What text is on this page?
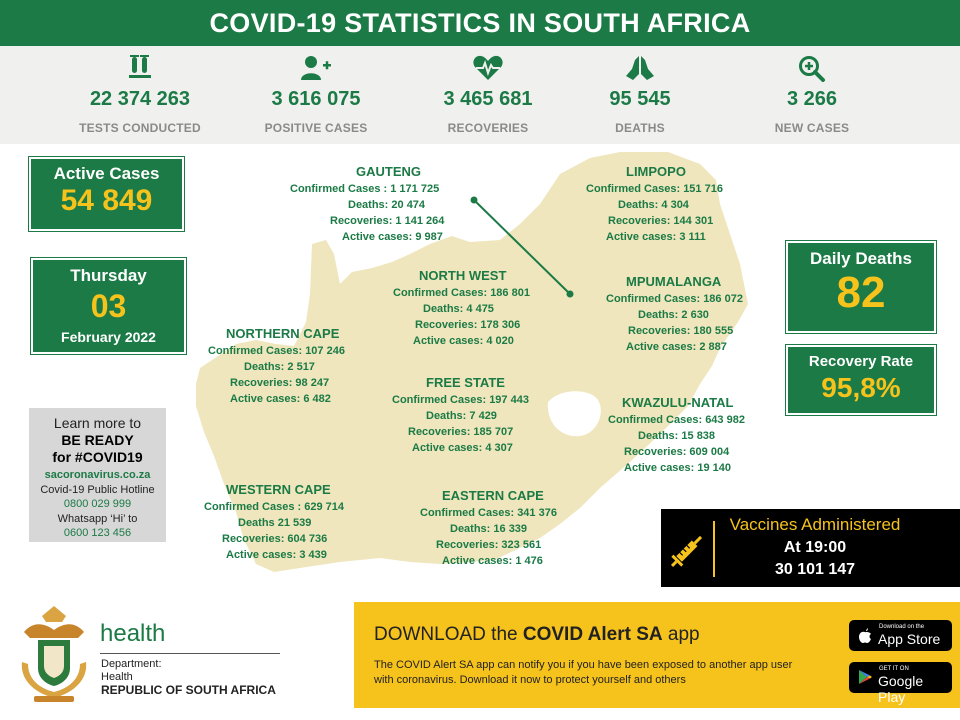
COVID-19 STATISTICS IN SOUTH AFRICA
22 374 263
TESTS CONDUCTED
3 616 075
POSITIVE CASES
3 465 681
RECOVERIES
95 545
DEATHS
3 266
NEW CASES
GAUTENG
Confirmed Cases : 1 171 725
Deaths: 20 474
Recoveries: 1 141 264
Active cases: 9 987
LIMPOPO
Confirmed Cases: 151 716
Deaths: 4 304
Recoveries: 144 301
Active cases: 3 111
NORTH WEST
Confirmed Cases: 186 801
Deaths: 4 475
Recoveries: 178 306
Active cases: 4 020
MPUMALANGA
Confirmed Cases: 186 072
Deaths: 2 630
Recoveries: 180 555
Active cases: 2 887
NORTHERN CAPE
Confirmed Cases: 107 246
Deaths: 2 517
Recoveries: 98 247
Active cases: 6 482
FREE STATE
Confirmed Cases: 197 443
Deaths: 7 429
Recoveries: 185 707
Active cases: 4 307
KWAZULU-NATAL
Confirmed Cases: 643 982
Deaths: 15 838
Recoveries: 609 004
Active cases: 19 140
WESTERN CAPE
Confirmed Cases : 629 714
Deaths 21 539
Recoveries: 604 736
Active cases: 3 439
EASTERN CAPE
Confirmed Cases: 341 376
Deaths: 16 339
Recoveries: 323 561
Active cases: 1 476
Active Cases
54 849
Thursday
03
February 2022
Daily Deaths
82
Recovery Rate
95,8%
Learn more to
BE READY
for #COVID19
sacoronavirus.co.za
Covid-19 Public Hotline
0800 029 999
Whatsapp ‘Hi’ to
0600 123 456	Vaccines Administered
At 19:00
30 101 147
health
Department:
Health
REPUBLIC OF SOUTH AFRICA
DOWNLOAD the COVID Alert SA app
The COVID Alert SA app can notify you if you have been exposed to another app user with coronavirus. Download it now to protect yourself and others
Download on the
App Store
GET IT ON
Google Play
